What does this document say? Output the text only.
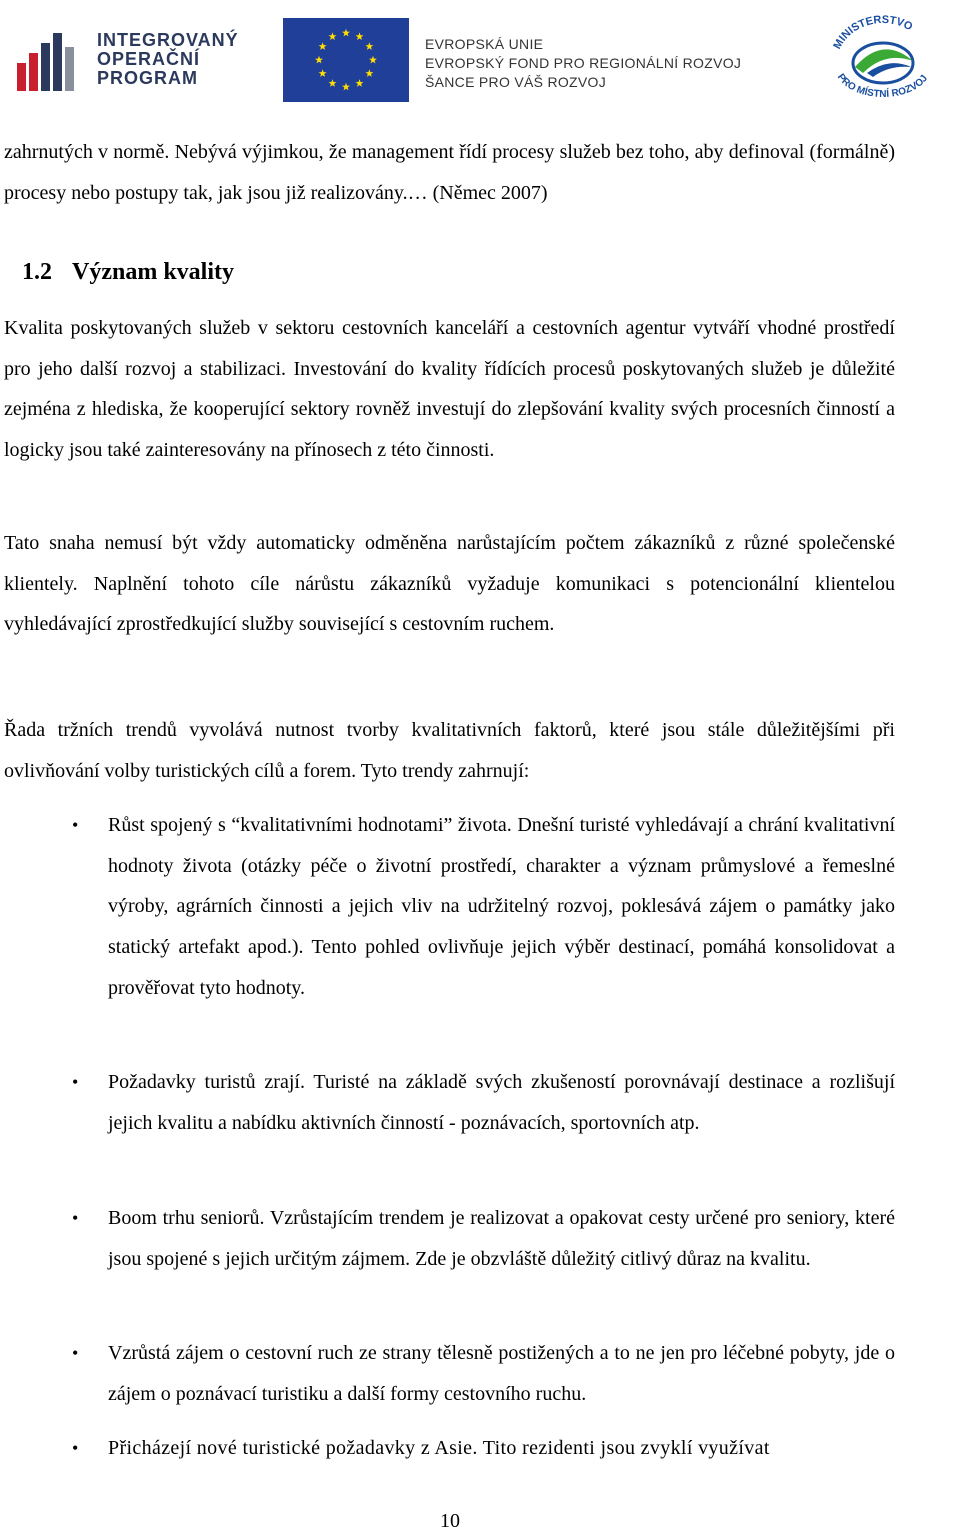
INTEGROVANÝ
OPERAČNÍ
PROGRAM
EVROPSKÁ UNIE
EVROPSKÝ FOND PRO REGIONÁLNÍ ROZVOJ
ŠANCE PRO VÁŠ ROZVOJ
MINISTERSTVO
PRO MÍSTNÍ ROZVOJ

zahrnutých v normě. Nebývá výjimkou, že management řídí procesy služeb bez toho, aby definoval (formálně) procesy nebo postupy tak, jak jsou již realizovány.… (Němec 2007)

1.2 Význam kvality

Kvalita poskytovaných služeb v sektoru cestovních kanceláří a cestovních agentur vytváří vhodné prostředí pro jeho další rozvoj a stabilizaci. Investování do kvality řídících procesů poskytovaných služeb je důležité zejména z hlediska, že kooperující sektory rovněž investují do zlepšování kvality svých procesních činností a logicky jsou také zainteresovány na přínosech z této činnosti.

Tato snaha nemusí být vždy automaticky odměněna narůstajícím počtem zákazníků z různé společenské klientely. Naplnění tohoto cíle nárůstu zákazníků vyžaduje komunikaci s potencionální klientelou vyhledávající zprostředkující služby související s cestovním ruchem.

Řada tržních trendů vyvolává nutnost tvorby kvalitativních faktorů, které jsou stále důležitějšími při ovlivňování volby turistických cílů a forem. Tyto trendy zahrnují:

• Růst spojený s “kvalitativními hodnotami” života. Dnešní turisté vyhledávají a chrání kvalitativní hodnoty života (otázky péče o životní prostředí, charakter a význam průmyslové a řemeslné výroby, agrárních činnosti a jejich vliv na udržitelný rozvoj, poklesává zájem o památky jako statický artefakt apod.). Tento pohled ovlivňuje jejich výběr destinací, pomáhá konsolidovat a prověřovat tyto hodnoty.

• Požadavky turistů zrají. Turisté na základě svých zkušeností porovnávají destinace a rozlišují jejich kvalitu a nabídku aktivních činností - poznávacích, sportovních atp.

• Boom trhu seniorů. Vzrůstajícím trendem je realizovat a opakovat cesty určené pro seniory, které jsou spojené s jejich určitým zájmem. Zde je obzvláště důležitý citlivý důraz na kvalitu.

• Vzrůstá zájem o cestovní ruch ze strany tělesně postižených a to ne jen pro léčebné pobyty, jde o zájem o poznávací turistiku a další formy cestovního ruchu.

• Přicházejí nové turistické požadavky z Asie. Tito rezidenti jsou zvyklí využívat

10
